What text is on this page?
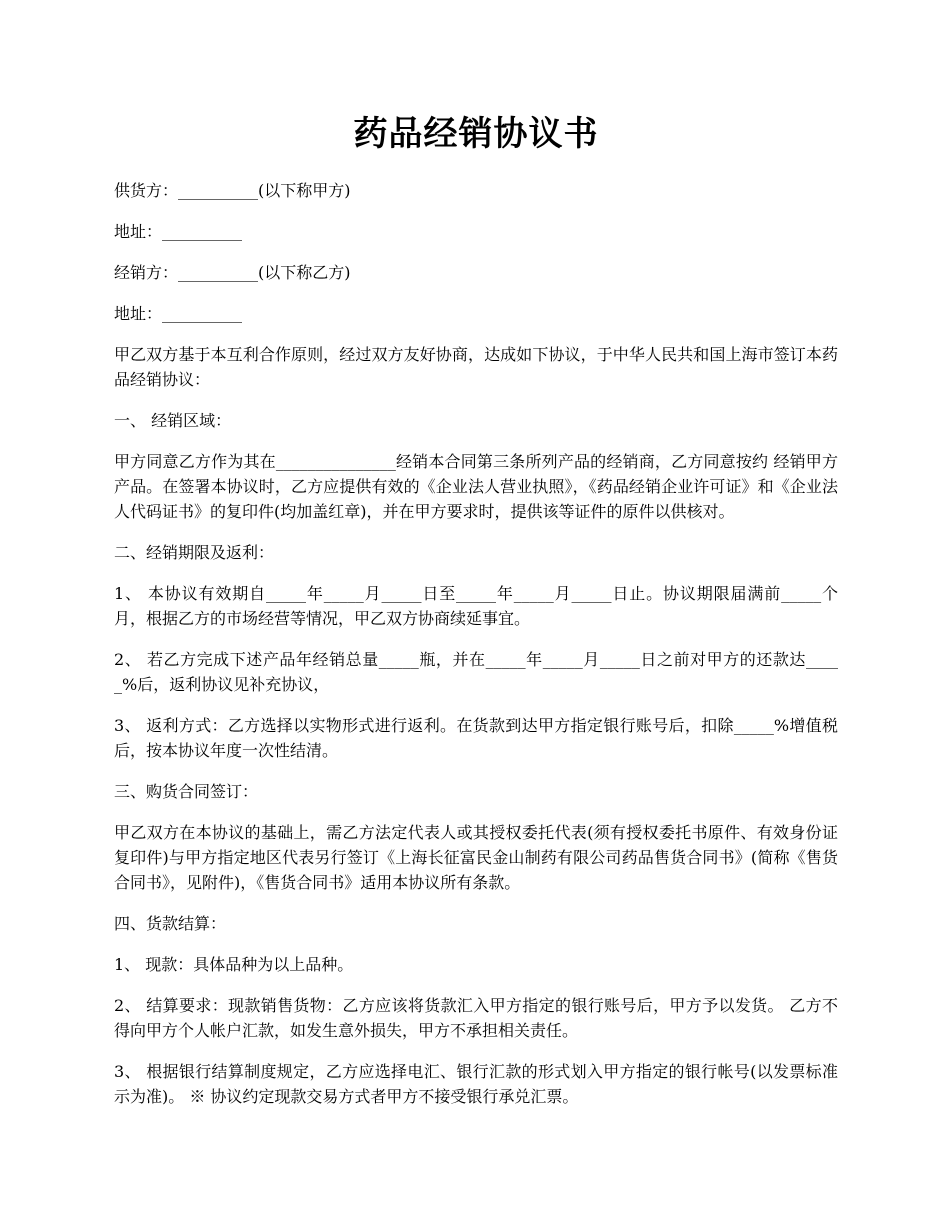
药品经销协议书

供货方：__________(以下称甲方)

地址：__________

经销方：__________(以下称乙方)

地址：__________

甲乙双方基于本互利合作原则，经过双方友好协商，达成如下协议，于中华人民共和国上海市签订本药品经销协议：

一、 经销区域：

甲方同意乙方作为其在_______________经销本合同第三条所列产品的经销商，乙方同意按约 经销甲方产品。在签署本协议时，乙方应提供有效的《企业法人营业执照》，《药品经销企业许可证》和《企业法人代码证书》的复印件(均加盖红章)，并在甲方要求时，提供该等证件的原件以供核对。

二、经销期限及返利：

1、 本协议有效期自_____年_____月_____日至_____年_____月_____日止。协议期限届满前_____个月，根据乙方的市场经营等情况，甲乙双方协商续延事宜。

2、 若乙方完成下述产品年经销总量_____瓶，并在_____年_____月_____日之前对甲方的还款达_____%后，返利协议见补充协议，

3、 返利方式：乙方选择以实物形式进行返利。在货款到达甲方指定银行账号后，扣除_____%增值税后，按本协议年度一次性结清。

三、购货合同签订：

甲乙双方在本协议的基础上，需乙方法定代表人或其授权委托代表(须有授权委托书原件、有效身份证复印件)与甲方指定地区代表另行签订《上海长征富民金山制药有限公司药品售货合同书》(简称《售货合同书》，见附件)，《售货合同书》适用本协议所有条款。

四、货款结算：

1、 现款：具体品种为以上品种。

2、 结算要求：现款销售货物：乙方应该将货款汇入甲方指定的银行账号后，甲方予以发货。 乙方不得向甲方个人帐户汇款，如发生意外损失，甲方不承担相关责任。

3、 根据银行结算制度规定，乙方应选择电汇、银行汇款的形式划入甲方指定的银行帐号(以发票标准示为准)。 ※ 协议约定现款交易方式者甲方不接受银行承兑汇票。
